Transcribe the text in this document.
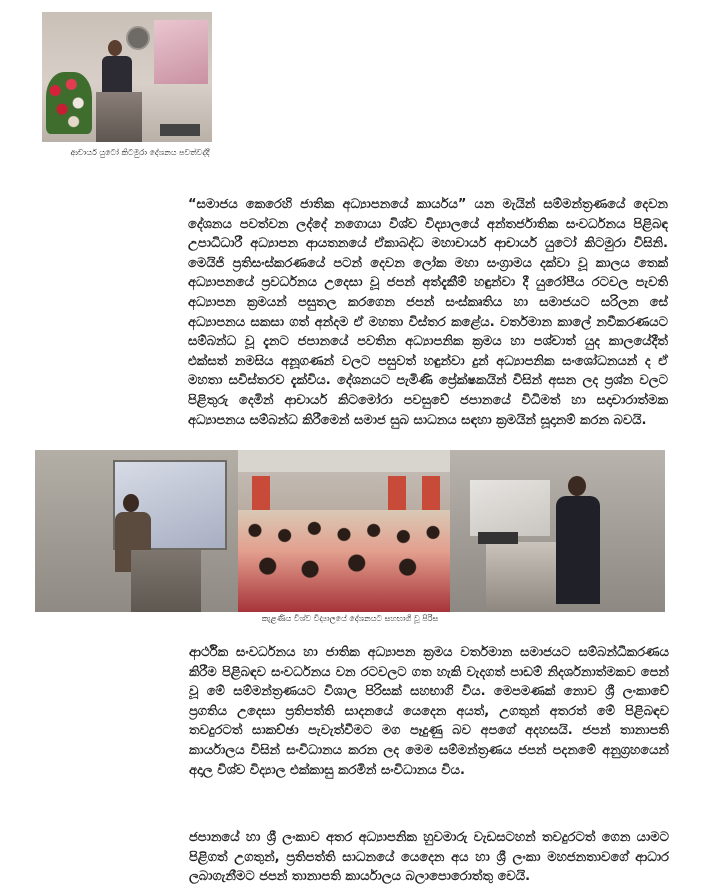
ආචාර්ය යුටෝ කිටමුරා දේශනය පවත්වද්දී

“සමාජය කෙරෙහි ජාතික අධ්‍යාපනයේ කාර්යය” යන මැයින් සම්මන්ත්‍රණයේ දෙවන දේශනය පවත්වන ලද්දේ නගොයා විශ්ව විද්‍යාලයේ අන්තර්ජාතික සංවර්ධනය පිළිබඳ උපාධිධාරී අධ්‍යාපන ආයතනයේ ඒකාබද්ධ මහාචාර්ය ආචාර්ය යුටෝ කිටමුරා විසිනි. මෙයිජි ප්‍රතිසංස්කරණයේ පටන් දෙවන ලෝක මහා සංග්‍රාමය දක්වා වූ කාලය තෙක් අධ්‍යාපනයේ ප්‍රවර්ධනය උදෙසා වූ ජපන් අත්දැකීම් හඳුන්වා දී යුරෝපීය රටවල පැවති අධ්‍යාපන ක්‍රමයන් පසුතල කරගෙන ජපන් සංස්කෘතිය හා සමාජයට සරිලන සේ අධ්‍යාපනය සකසා ගත් අන්දම ඒ මහතා විස්තර කළේය. වර්තමාන කාලේ නවීකරණයට සම්බන්ධ වූ දැනට ජපානයේ පවතින අධ්‍යාපනික ක්‍රමය හා පශ්චාත් යුද කාලයේදීත් එක්සත් නමසිය අනූගණන් වලට පසුවත් හඳුන්වා දුන් අධ්‍යාපනික සංශෝධනයන් ද ඒ මහතා සවිස්තරව දැක්විය. දේශනයට පැමිණි ප්‍රේක්ෂකයින් විසින් අසන ලද ප්‍රශ්න වලට පිළිතුරු දෙමින් ආචාර්ය කිටමෝරා පවසුවේ ජපානයේ විධිමත් හා සදාචාරාත්මක අධ්‍යාපනය සම්බන්ධ කිරීමෙන් සමාජ සුබ සාධනය සඳහා ක්‍රමයින් සූදානම් කරන බවයි.

කැළණිය විශ්ව විද්‍යාලයේ දේශනයට සහභාගි වූ පිරිස

ආර්ථික සංවර්ධනය හා ජාතික අධ්‍යාපන ක්‍රමය වර්තමාන සමාජයට සම්බන්ධීකරණය කිරීම පිළිබඳව සංවර්ධනය වන රටවලට ගත හැකි වැදගත් පාඩම් නිදර්ශනාත්මකව පෙන් වූ මේ සම්මන්ත්‍රණයට විශාල පිරිසක් සහභාගි විය. මෙපමණක් නොව ශ්‍රී ලංකාවේ ප්‍රගතිය උදෙසා ප්‍රතිපත්ති සාදනයේ යෙදෙන අයත්, උගතුන් අතරත් මේ පිළිබඳව තවදුරටත් සාකච්ඡා පැවැත්වීමට මග පෑදුණු බව අපගේ අදහසයි. ජපන් තානාපති කාර්යාලය විසින් සංවිධානය කරන ලද මෙම සම්මන්ත්‍රණය ජපන් පදනමේ අනුග්‍රහයෙන් අදාල විශ්ව විද්‍යාල එක්කාසු කරමින් සංවිධානය විය.

ජපානයේ හා ශ්‍රී ලංකාව අතර අධ්‍යාපනික හුවමාරු වැඩසටහන් තවදුරටත් ගෙන යාමට පිළිගත් උගතුන්, ප්‍රතිපත්ති සාධනයේ යෙදෙන අය හා ශ්‍රී ලංකා මහජනතාවගේ ආධාර ලබාගැනීමට ජපන් තානාපති කාර්යාලය බලාපොරොත්තු වෙයි.
